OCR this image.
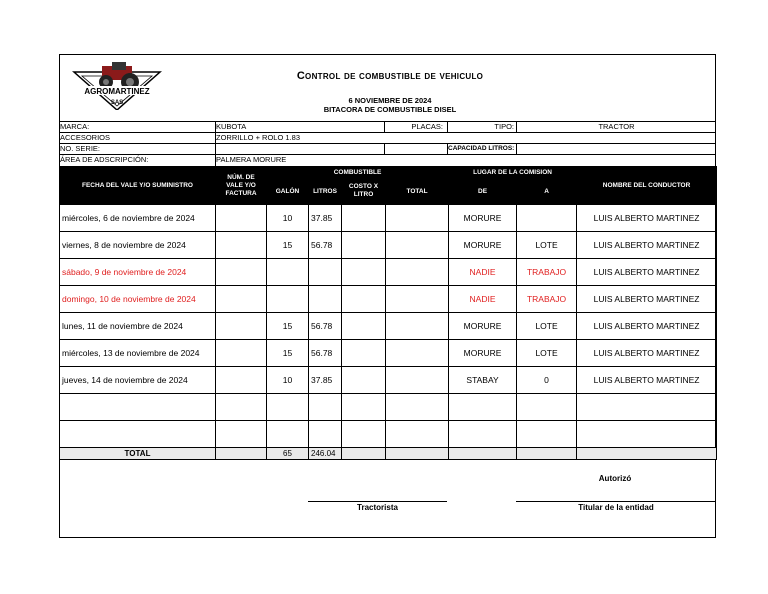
AGROMARTINEZ
SAS
Control de combustible de vehiculo
6 NOVIEMBRE DE 2024
BITACORA DE COMBUSTIBLE DISEL
MARCA:	KUBOTA	PLACAS:	TIPO:	TRACTOR
ACCESORIOS	ZORRILLO + ROLO 1.83
NO. SERIE:	CAPACIDAD LITROS:
ÁREA DE ADSCRIPCIÓN:	PALMERA MORURE
FECHA DEL VALE Y/O SUMINISTRO	NÚM. DE VALE Y/O FACTURA	COMBUSTIBLE				LUGAR DE LA COMISION		NOMBRE DEL CONDUCTOR
		GALÓN	LITROS	COSTO X LITRO	TOTAL	DE	A	
miércoles, 6 de noviembre de 2024		10	37.85			MORURE		LUIS ALBERTO MARTINEZ
viernes, 8 de noviembre de 2024		15	56.78			MORURE	LOTE	LUIS ALBERTO MARTINEZ
sábado, 9 de noviembre de 2024						NADIE	TRABAJO	LUIS ALBERTO MARTINEZ
domingo, 10 de noviembre de 2024						NADIE	TRABAJO	LUIS ALBERTO MARTINEZ
lunes, 11 de noviembre de 2024		15	56.78			MORURE	LOTE	LUIS ALBERTO MARTINEZ
miércoles, 13 de noviembre de 2024		15	56.78			MORURE	LOTE	LUIS ALBERTO MARTINEZ
jueves, 14 de noviembre de 2024		10	37.85			STABAY	0	LUIS ALBERTO MARTINEZ

TOTAL		65	246.04					
Autorizó
Tractorista	Titular de la entidad
